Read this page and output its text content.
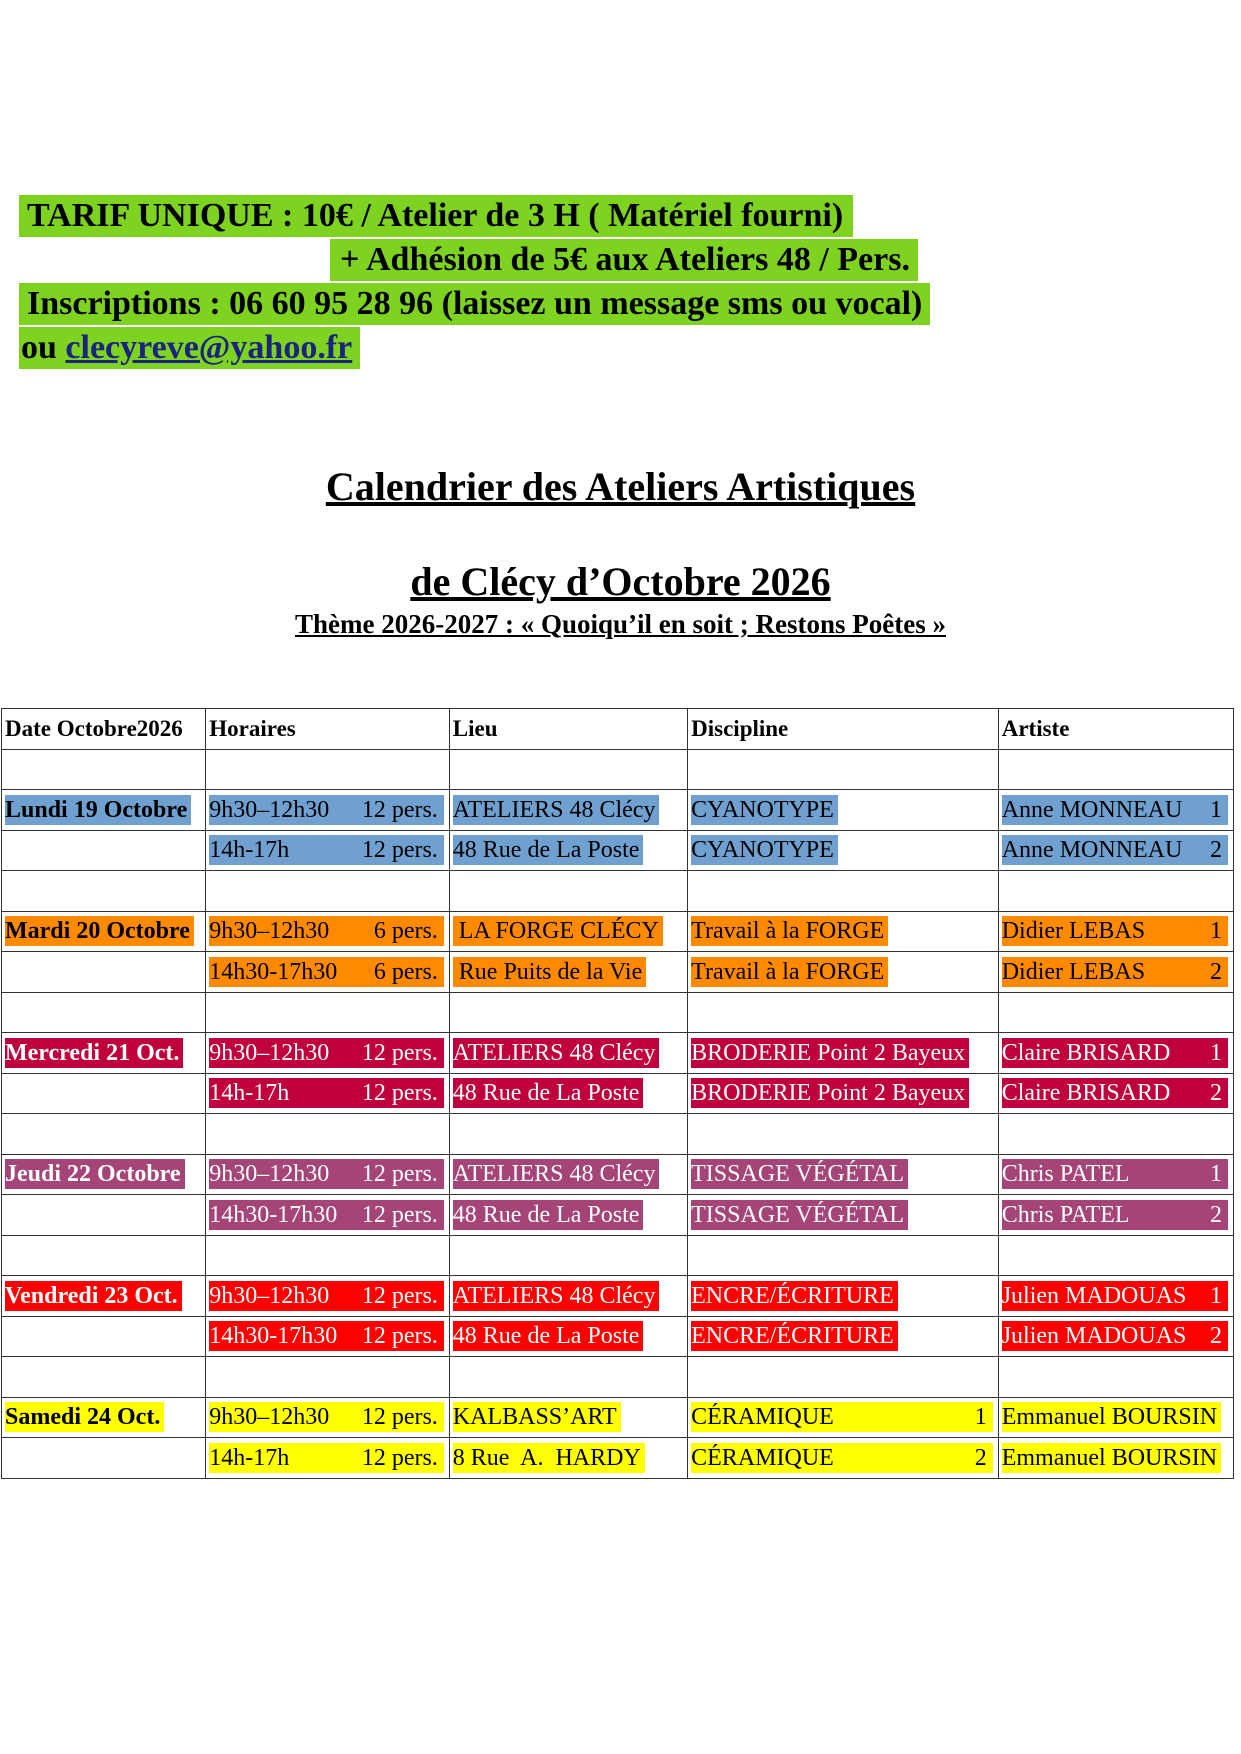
TARIF UNIQUE : 10€ / Atelier de 3 H ( Matériel fourni)
+ Adhésion de 5€ aux Ateliers 48 / Pers.
Inscriptions : 06 60 95 28 96 (laissez un message sms ou vocal)
ou clecyreve@yahoo.fr
Calendrier des Ateliers Artistiques
de Clécy d’Octobre 2026
Thème 2026-2027 : « Quoiqu’il en soit ; Restons Poêtes »
Date Octobre2026	Horaires	Lieu	Discipline	Artiste

Lundi 19 Octobre	9h30–12h30 12 pers.	ATELIERS 48 Clécy	CYANOTYPE	Anne MONNEAU 1

	14h-17h 12 pers.	48 Rue de La Poste	CYANOTYPE	Anne MONNEAU 2

Mardi 20 Octobre	9h30–12h30 6 pers.	LA FORGE CLÉCY	Travail à la FORGE	Didier LEBAS 1

	14h30-17h30 6 pers.	Rue Puits de la Vie	Travail à la FORGE	Didier LEBAS 2

Mercredi 21 Oct.	9h30–12h30 12 pers.	ATELIERS 48 Clécy	BRODERIE Point 2 Bayeux	Claire BRISARD 1

	14h-17h 12 pers.	48 Rue de La Poste	BRODERIE Point 2 Bayeux	Claire BRISARD 2

Jeudi 22 Octobre	9h30–12h30 12 pers.	ATELIERS 48 Clécy	TISSAGE VÉGÉTAL	Chris PATEL 1

	14h30-17h30 12 pers.	48 Rue de La Poste	TISSAGE VÉGÉTAL	Chris PATEL 2

Vendredi 23 Oct.	9h30–12h30 12 pers.	ATELIERS 48 Clécy	ENCRE/ÉCRITURE	Julien MADOUAS 1

	14h30-17h30 12 pers.	48 Rue de La Poste	ENCRE/ÉCRITURE	Julien MADOUAS 2

Samedi 24 Oct.	9h30–12h30 12 pers.	KALBASS’ART	CÉRAMIQUE 1	Emmanuel BOURSIN

	14h-17h 12 pers.	8 Rue  A.  HARDY	CÉRAMIQUE 2	Emmanuel BOURSIN
